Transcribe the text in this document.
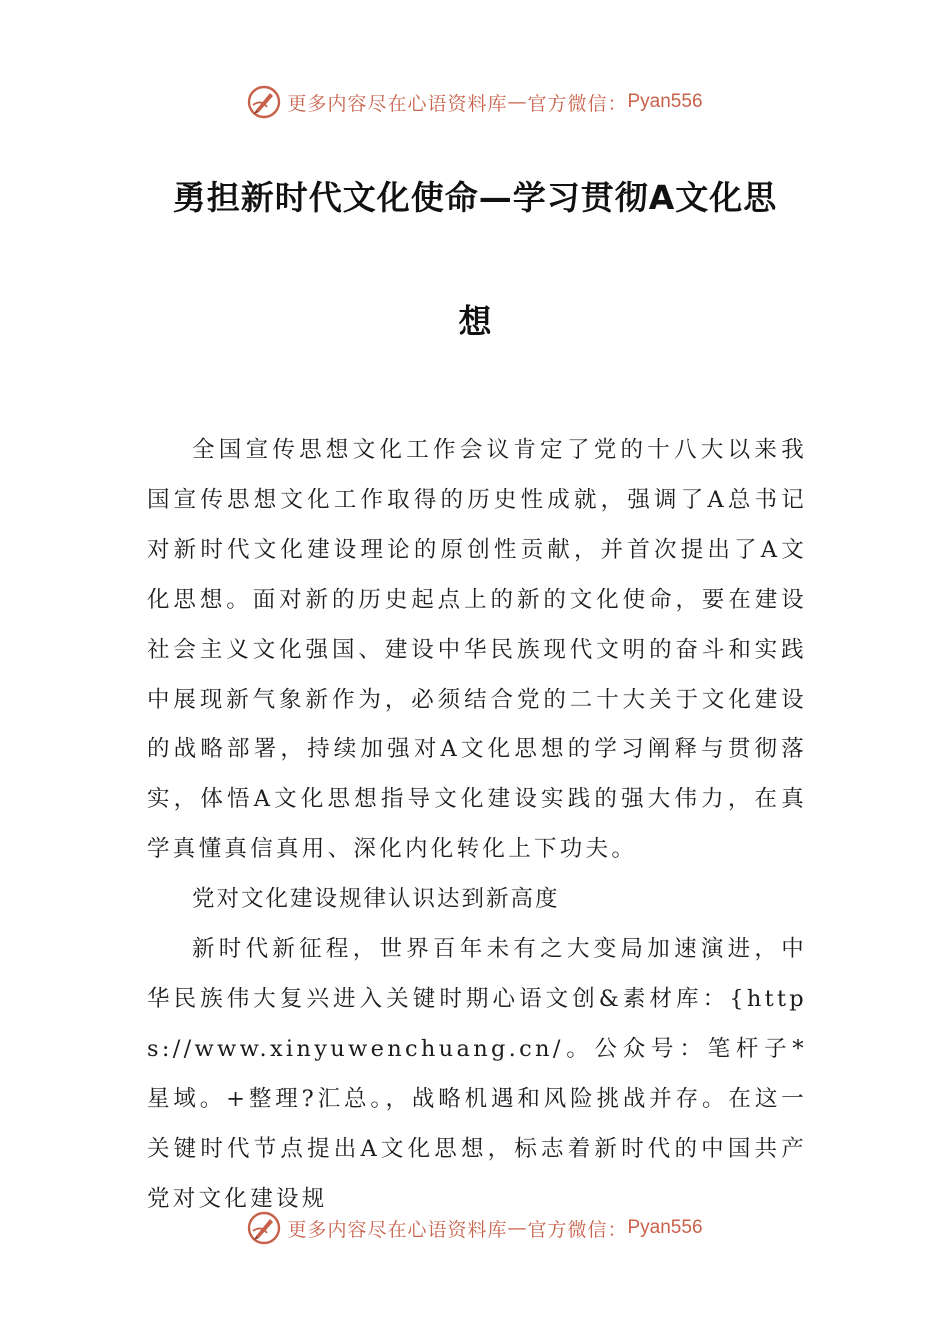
更多内容尽在心语资料库 — 官方微信： Pyan556
勇担新时代文化使命—学习贯彻A文化思
想

全国宣传思想文化工作会议肯定了党的十八大以来我国宣传思想文化工作取得的历史性成就，强调了A总书记对新时代文化建设理论的原创性贡献，并首次提出了A文化思想。面对新的历史起点上的新的文化使命，要在建设社会主义文化强国、建设中华民族现代文明的奋斗和实践中展现新气象新作为，必须结合党的二十大关于文化建设的战略部署，持续加强对A文化思想的学习阐释与贯彻落实，体悟A文化思想指导文化建设实践的强大伟力，在真学真懂真信真用、深化内化转化上下功夫。

党对文化建设规律认识达到新高度

新时代新征程，世界百年未有之大变局加速演进，中华民族伟大复兴进入关键时期心语文创&素材库：{https://www.xinyuwenchuang.cn/。公众号：笔杆子*星域。+整理?汇总。，战略机遇和风险挑战并存。在这一关键时代节点提出A文化思想，标志着新时代的中国共产党对文化建设规

更多内容尽在心语资料库 — 官方微信： Pyan556
